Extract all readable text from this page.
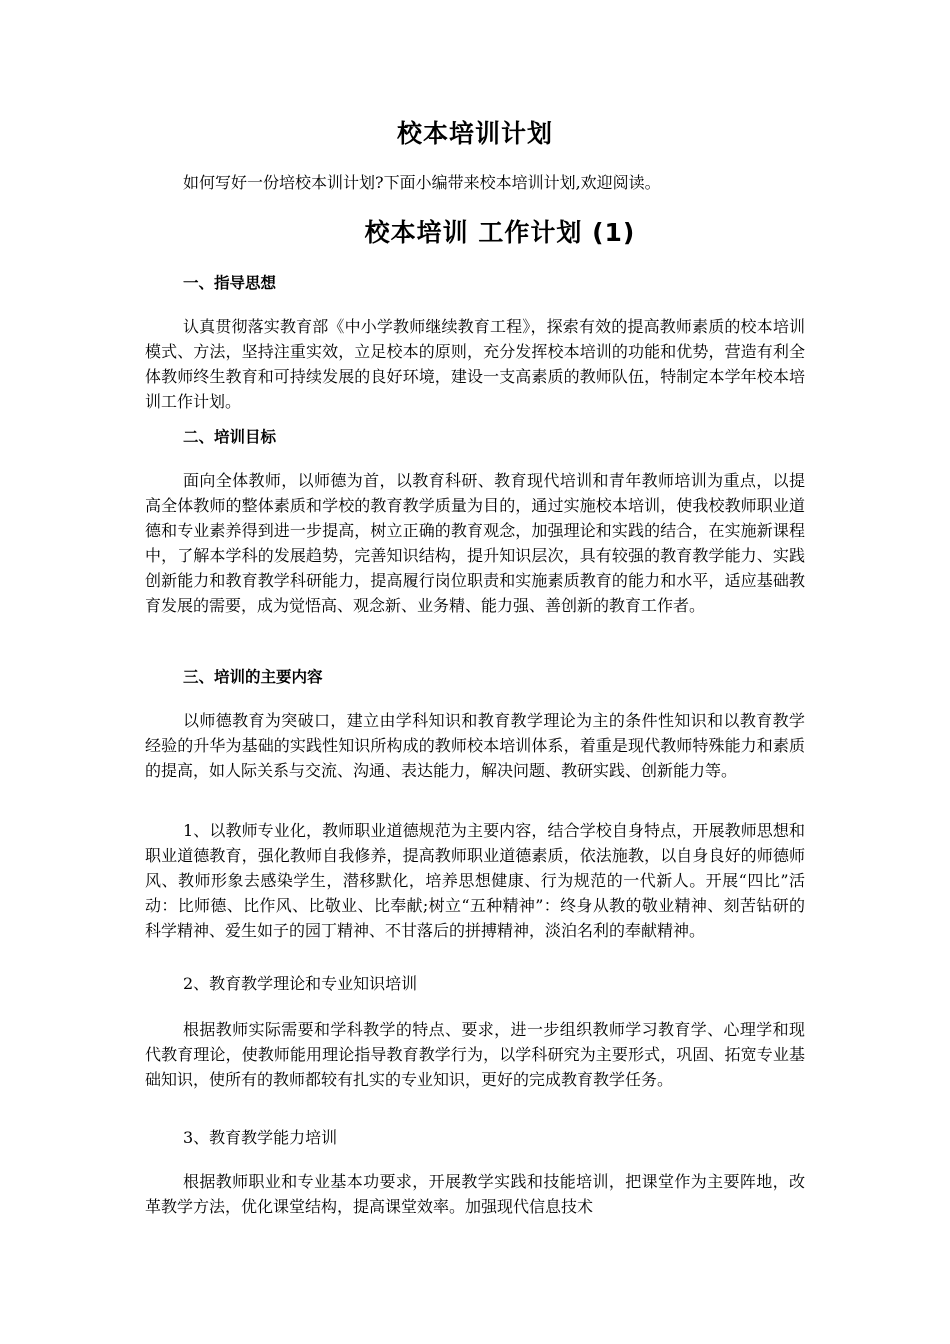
校本培训计划
如何写好一份培校本训计划?下面小编带来校本培训计划,欢迎阅读。
校本培训 工作计划 (1)
一、指导思想

认真贯彻落实教育部《中小学教师继续教育工程》，探索有效的提高教师素质的校本培训模式、方法，坚持注重实效，立足校本的原则，充分发挥校本培训的功能和优势，营造有利全体教师终生教育和可持续发展的良好环境，建设一支高素质的教师队伍，特制定本学年校本培训工作计划。

二、培训目标

面向全体教师，以师德为首，以教育科研、教育现代培训和青年教师培训为重点，以提高全体教师的整体素质和学校的教育教学质量为目的，通过实施校本培训，使我校教师职业道德和专业素养得到进一步提高，树立正确的教育观念，加强理论和实践的结合，在实施新课程中，了解本学科的发展趋势，完善知识结构，提升知识层次，具有较强的教育教学能力、实践创新能力和教育教学科研能力，提高履行岗位职责和实施素质教育的能力和水平，适应基础教育发展的需要，成为觉悟高、观念新、业务精、能力强、善创新的教育工作者。

三、培训的主要内容

以师德教育为突破口，建立由学科知识和教育教学理论为主的条件性知识和以教育教学经验的升华为基础的实践性知识所构成的教师校本培训体系，着重是现代教师特殊能力和素质的提高，如人际关系与交流、沟通、表达能力，解决问题、教研实践、创新能力等。

1、以教师专业化，教师职业道德规范为主要内容，结合学校自身特点，开展教师思想和职业道德教育，强化教师自我修养，提高教师职业道德素质，依法施教，以自身良好的师德师风、教师形象去感染学生，潜移默化，培养思想健康、行为规范的一代新人。开展“四比”活动：比师德、比作风、比敬业、比奉献;树立“五种精神”：终身从教的敬业精神、刻苦钻研的科学精神、爱生如子的园丁精神、不甘落后的拼搏精神，淡泊名利的奉献精神。

2、教育教学理论和专业知识培训

根据教师实际需要和学科教学的特点、要求，进一步组织教师学习教育学、心理学和现代教育理论，使教师能用理论指导教育教学行为，以学科研究为主要形式，巩固、拓宽专业基础知识，使所有的教师都较有扎实的专业知识，更好的完成教育教学任务。

3、教育教学能力培训

根据教师职业和专业基本功要求，开展教学实践和技能培训，把课堂作为主要阵地，改革教学方法，优化课堂结构，提高课堂效率。加强现代信息技术
